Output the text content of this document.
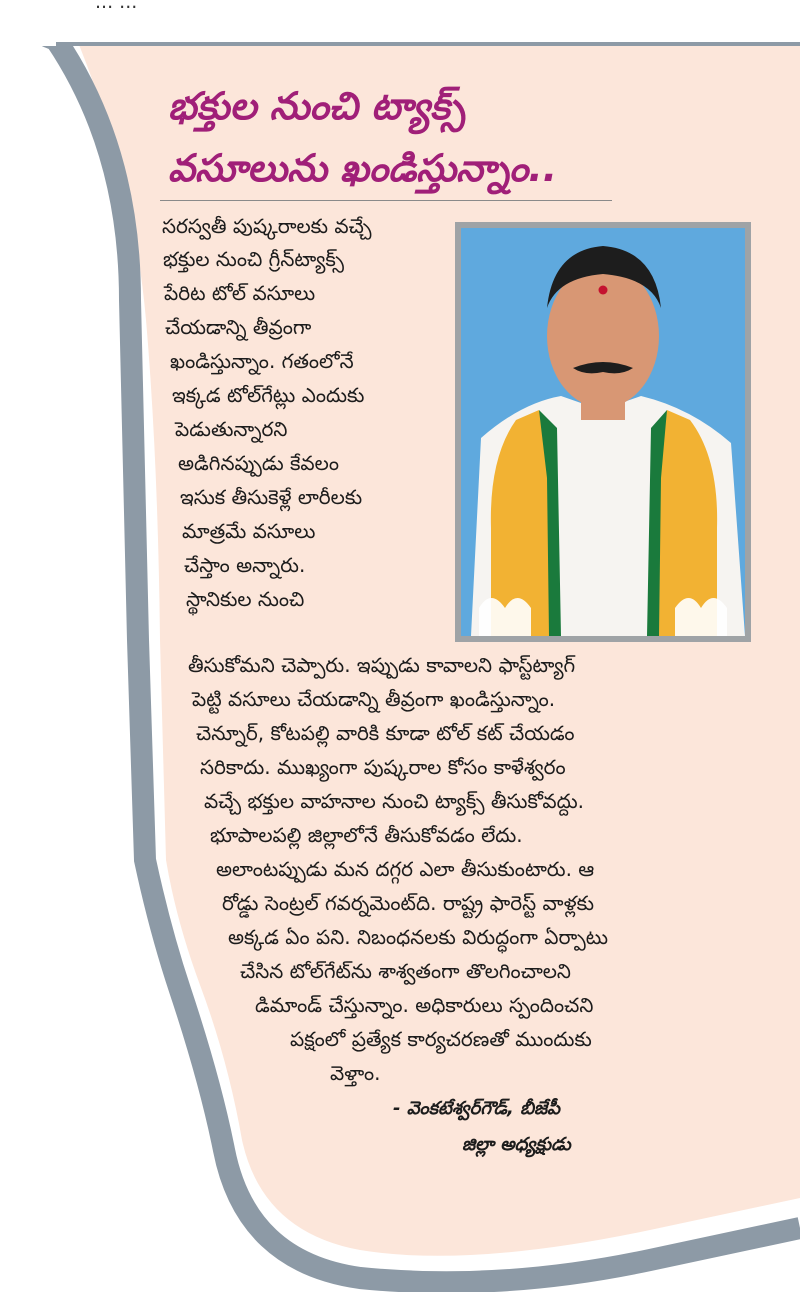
... ...
భక్తుల నుంచి ట్యాక్స్
వసూలును ఖండిస్తున్నాం..
సరస్వతీ పుష్కరాలకు వచ్చే
భక్తుల నుంచి గ్రీన్‌ట్యాక్స్
పేరిట టోల్ వసూలు
చేయడాన్ని తీవ్రంగా
ఖండిస్తున్నాం. గతంలోనే
ఇక్కడ టోల్‌గేట్లు ఎందుకు
పెడుతున్నారని
అడిగినప్పుడు కేవలం
ఇసుక తీసుకెళ్లే లారీలకు
మాత్రమే వసూలు
చేస్తాం అన్నారు.
స్థానికుల నుంచి
తీసుకోమని చెప్పారు. ఇప్పుడు కావాలని ఫాస్ట్‌ట్యాగ్
పెట్టి వసూలు చేయడాన్ని తీవ్రంగా ఖండిస్తున్నాం.
చెన్నూర్, కోటపల్లి వారికి కూడా టోల్ కట్ చేయడం
సరికాదు. ముఖ్యంగా పుష్కరాల కోసం కాళేశ్వరం
వచ్చే భక్తుల వాహనాల నుంచి ట్యాక్స్ తీసుకోవద్దు.
భూపాలపల్లి జిల్లాలోనే తీసుకోవడం లేదు.
అలాంటప్పుడు మన దగ్గర ఎలా తీసుకుంటారు. ఆ
రోడ్డు సెంట్రల్ గవర్నమెంట్‌ది. రాష్ట్ర ఫారెస్ట్ వాళ్లకు
అక్కడ ఏం పని. నిబంధనలకు విరుద్ధంగా ఏర్పాటు
చేసిన టోల్‌గేట్‌ను శాశ్వతంగా తొలగించాలని
డిమాండ్ చేస్తున్నాం. అధికారులు స్పందించని
పక్షంలో ప్రత్యేక కార్యచరణతో ముందుకు
వెళ్తాం.
- వెంకటేశ్వర్‌గౌడ్, బీజేపీ
జిల్లా అధ్యక్షుడు
